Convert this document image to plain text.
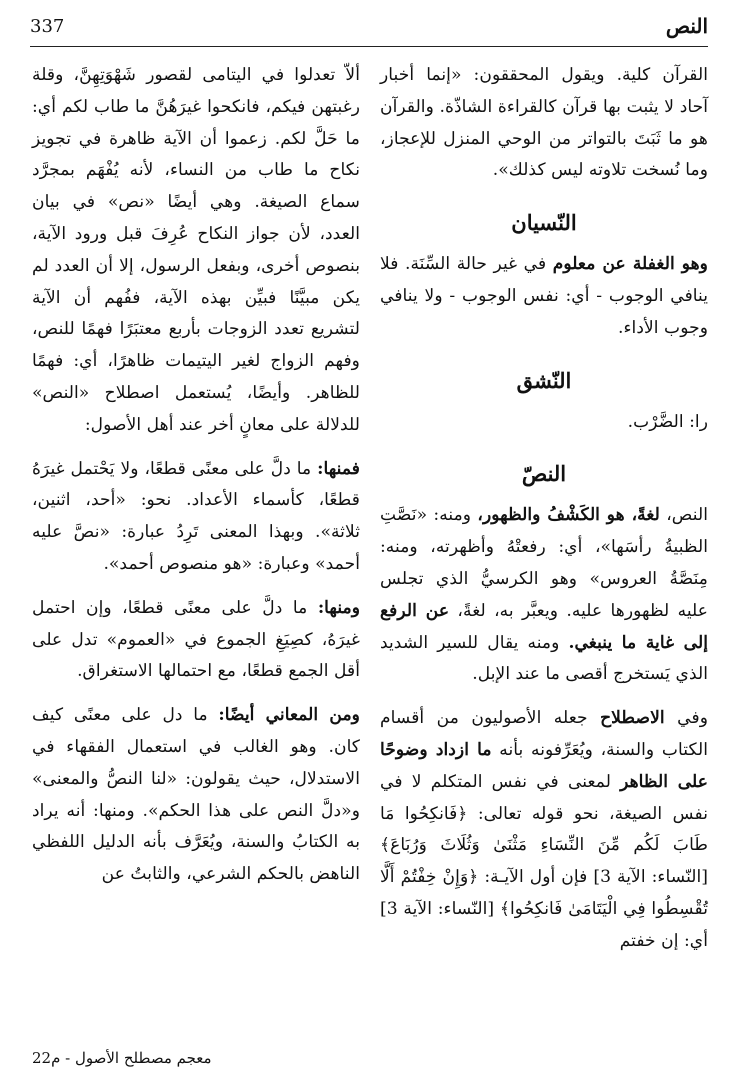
337	النص

القرآن كلية. ويقول المحققون: «إنما أخبار آحاد لا يثبت بها قرآن كالقراءة الشاذّة. والقرآن هو ما ثَبَتَ بالتواتر من الوحي المنزل للإعجاز، وما نُسخت تلاوته ليس كذلك».

النّسيان

وهو الغفلة عن معلوم في غير حالة السِّنَة. فلا ينافي الوجوب - أي: نفس الوجوب - ولا ينافي وجوب الأداء.

النّشق

را: الضَّرْب.

النصّ

النص، لغةً، هو الكَشْفُ والظهور، ومنه: «نَصَّتِ الظبيةُ رأسَها»، أي: رفعتْهُ وأظهرته، ومنه: مِنَصَّةُ العروس» وهو الكرسيُّ الذي تجلس عليه لظهورها عليه. ويعبَّر به، لغةً، عن الرفع إلى غاية ما ينبغي. ومنه يقال للسير الشديد الذي يَستخرج أقصى ما عند الإبل.

وفي الاصطلاح جعله الأصوليون من أقسام الكتاب والسنة، ويُعَرِّفونه بأنه ما ازداد وضوحًا على الظاهر لمعنى في نفس المتكلم لا في نفس الصيغة، نحو قوله تعالى: ﴿فَانكِحُوا مَا طَابَ لَكُم مِّنَ النِّسَاءِ مَثْنَىٰ وَثُلَاثَ وَرُبَاعَ﴾ [النّساء: الآية 3] فإن أول الآيـة: ﴿وَإِنْ خِفْتُمْ أَلَّا تُقْسِطُوا فِي الْيَتَامَىٰ فَانكِحُوا﴾ [النّساء: الآية 3] أي: إن خفتم

ألاّ تعدلوا في اليتامى لقصور شَهْوَتِهِنَّ، وقلة رغبتهن فيكم، فانكحوا غيرَهُنَّ ما طاب لكم أي: ما حَلَّ لكم. زعموا أن الآية ظاهرة في تجويز نكاح ما طاب من النساء، لأنه يُفْهَم بمجرَّد سماع الصيغة. وهي أيضًا «نص» في بيان العدد، لأن جواز النكاح عُرِفَ قبل ورود الآية، بنصوص أخرى، وبفعل الرسول، إلا أن العدد لم يكن مبيَّنًا فبيِّن بهذه الآية، ففُهم أن الآية لتشريع تعدد الزوجات بأربع معتبَرًا فهمًا للنص، وفهم الزواج لغير اليتيمات ظاهرًا، أي: فهمًا للظاهر. وأيضًا، يُستعمل اصطلاح «النص» للدلالة على معانٍ أخر عند أهل الأصول:

فمنها: ما دلَّ على معنًى قطعًا، ولا يَحْتمل غيرَهُ قطعًا، كأسماء الأعداد. نحو: «أحد، اثنين، ثلاثة». وبهذا المعنى تَرِدُ عبارة: «نصَّ عليه أحمد» وعبارة: «هو منصوص أحمد».

ومنها: ما دلَّ على معنًى قطعًا، وإن احتمل غيرَهُ، كصِيَغِ الجموع في «العموم» تدل على أقل الجمع قطعًا، مع احتمالها الاستغراق.

ومن المعاني أيضًا: ما دل على معنًى كيف كان. وهو الغالب في استعمال الفقهاء في الاستدلال، حيث يقولون: «لنا النصُّ والمعنى» و«دلَّ النص على هذا الحكم». ومنها: أنه يراد به الكتابُ والسنة، ويُعَرَّف بأنه الدليل اللفظي الناهض بالحكم الشرعي، والثابتُ عن

معجم مصطلح الأصول - م22
